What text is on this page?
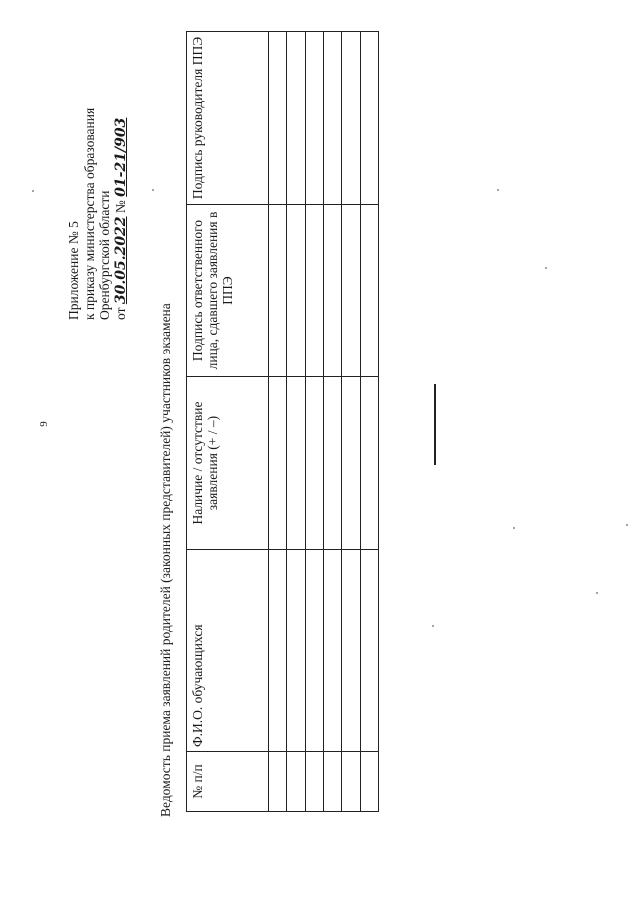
9
Приложение № 5 к приказу министерства образования Оренбургской области от 30.05.2022 № 01-21/903
Ведомость приема заявлений родителей (законных представителей) участников экзамена № п/п	Ф.И.О. обучающихся	Наличие / отсутствие заявления (+ / –)	Подпись ответственного лица, сдавшего заявления в ППЭ	Подпись руководителя ППЭ
